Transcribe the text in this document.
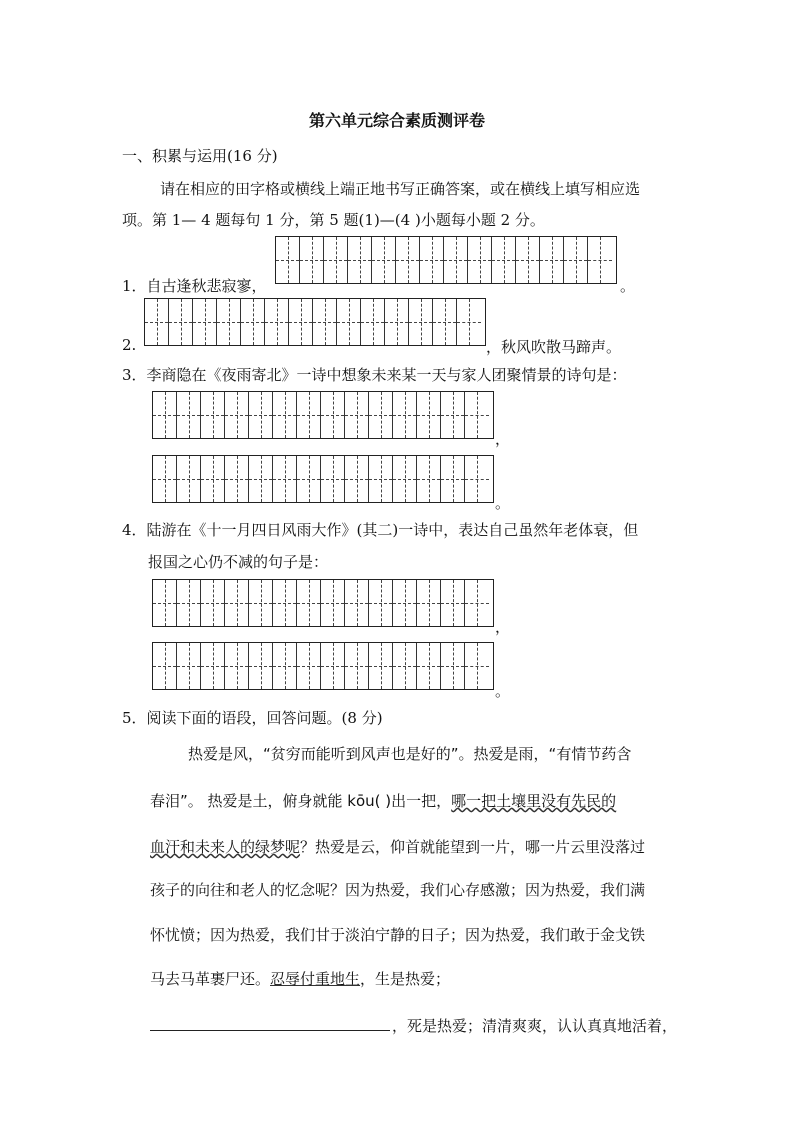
第六单元综合素质测评卷
一、积累与运用(16 分)
请在相应的田字格或横线上端正地书写正确答案，或在横线上填写相应选
项。第 1— 4 题每句 1 分，第 5 题(1)—(4 )小题每小题 2 分。
1．自古逢秋悲寂寥，	。
2.	，秋风吹散马蹄声。
3．李商隐在《夜雨寄北》一诗中想象未来某一天与家人团聚情景的诗句是：
，
。
4．陆游在《十一月四日风雨大作》(其二)一诗中，表达自己虽然年老体衰，但
报国之心仍不减的句子是：
，
。
5．阅读下面的语段，回答问题。(8 分)
热爱是风，“贫穷而能听到风声也是好的”。热爱是雨，“有情节药含
春泪”。 热爱是土，俯身就能 kōu( )出一把，哪一把土壤里没有先民的
血汗和未来人的绿梦呢？热爱是云，仰首就能望到一片，哪一片云里没落过
孩子的向往和老人的忆念呢？因为热爱，我们心存感激；因为热爱，我们满
怀忧愤；因为热爱，我们甘于淡泊宁静的日子；因为热爱，我们敢于金戈铁
马去马革裹尸还。忍辱付重地生，生是热爱；
，死是热爱；清清爽爽，认认真真地活着，
